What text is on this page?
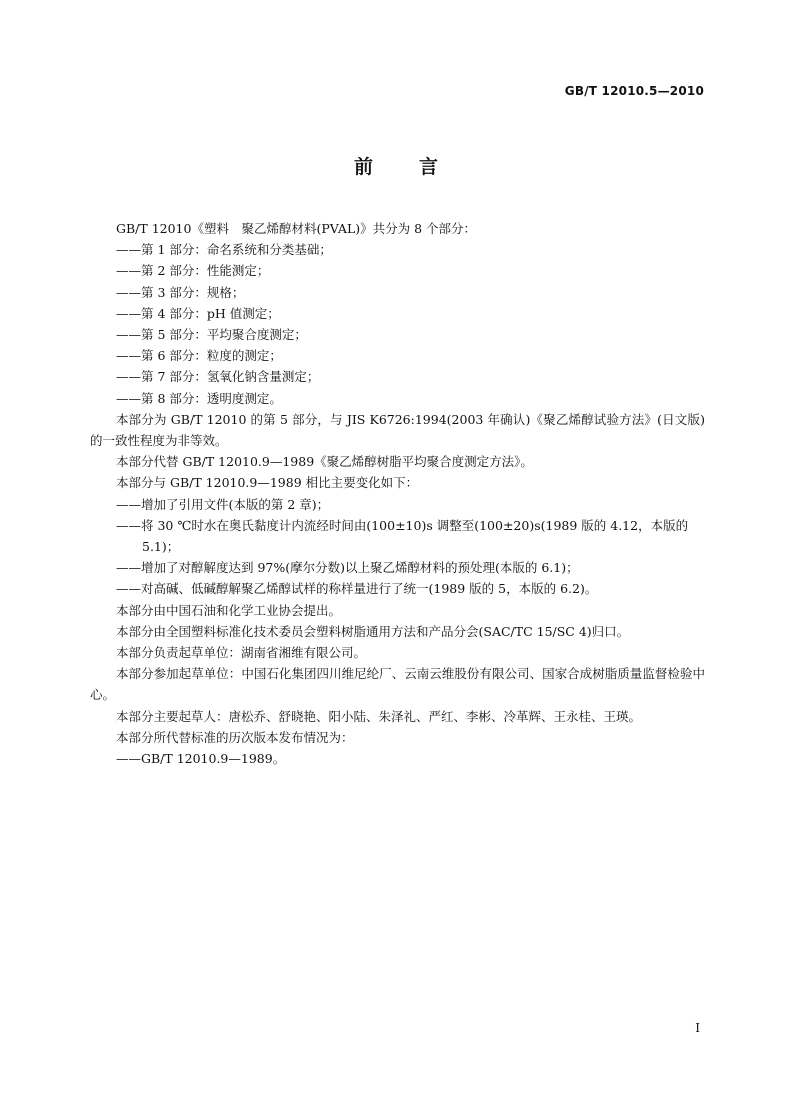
GB/T 12010.5—2010
前言
GB/T 12010《塑料　聚乙烯醇材料(PVAL)》共分为 8 个部分：
——第 1 部分：命名系统和分类基础；
——第 2 部分：性能测定；
——第 3 部分：规格；
——第 4 部分：pH 值测定；
——第 5 部分：平均聚合度测定；
——第 6 部分：粒度的测定；
——第 7 部分：氢氧化钠含量测定；
——第 8 部分：透明度测定。
本部分为 GB/T 12010 的第 5 部分，与 JIS K6726:1994(2003 年确认)《聚乙烯醇试验方法》(日文版)的一致性程度为非等效。
本部分代替 GB/T 12010.9—1989《聚乙烯醇树脂平均聚合度测定方法》。
本部分与 GB/T 12010.9—1989 相比主要变化如下：
——增加了引用文件(本版的第 2 章)；
——将 30 ℃时水在奥氏黏度计内流经时间由(100±10)s 调整至(100±20)s(1989 版的 4.12，本版的 5.1)；
——增加了对醇解度达到 97%(摩尔分数)以上聚乙烯醇材料的预处理(本版的 6.1)；
——对高碱、低碱醇解聚乙烯醇试样的称样量进行了统一(1989 版的 5，本版的 6.2)。
本部分由中国石油和化学工业协会提出。
本部分由全国塑料标准化技术委员会塑料树脂通用方法和产品分会(SAC/TC 15/SC 4)归口。
本部分负责起草单位：湖南省湘维有限公司。
本部分参加起草单位：中国石化集团四川维尼纶厂、云南云维股份有限公司、国家合成树脂质量监督检验中心。
本部分主要起草人：唐松乔、舒晓艳、阳小陆、朱泽礼、严红、李彬、冷革辉、王永桂、王瑛。
本部分所代替标准的历次版本发布情况为：
——GB/T 12010.9—1989。
I
